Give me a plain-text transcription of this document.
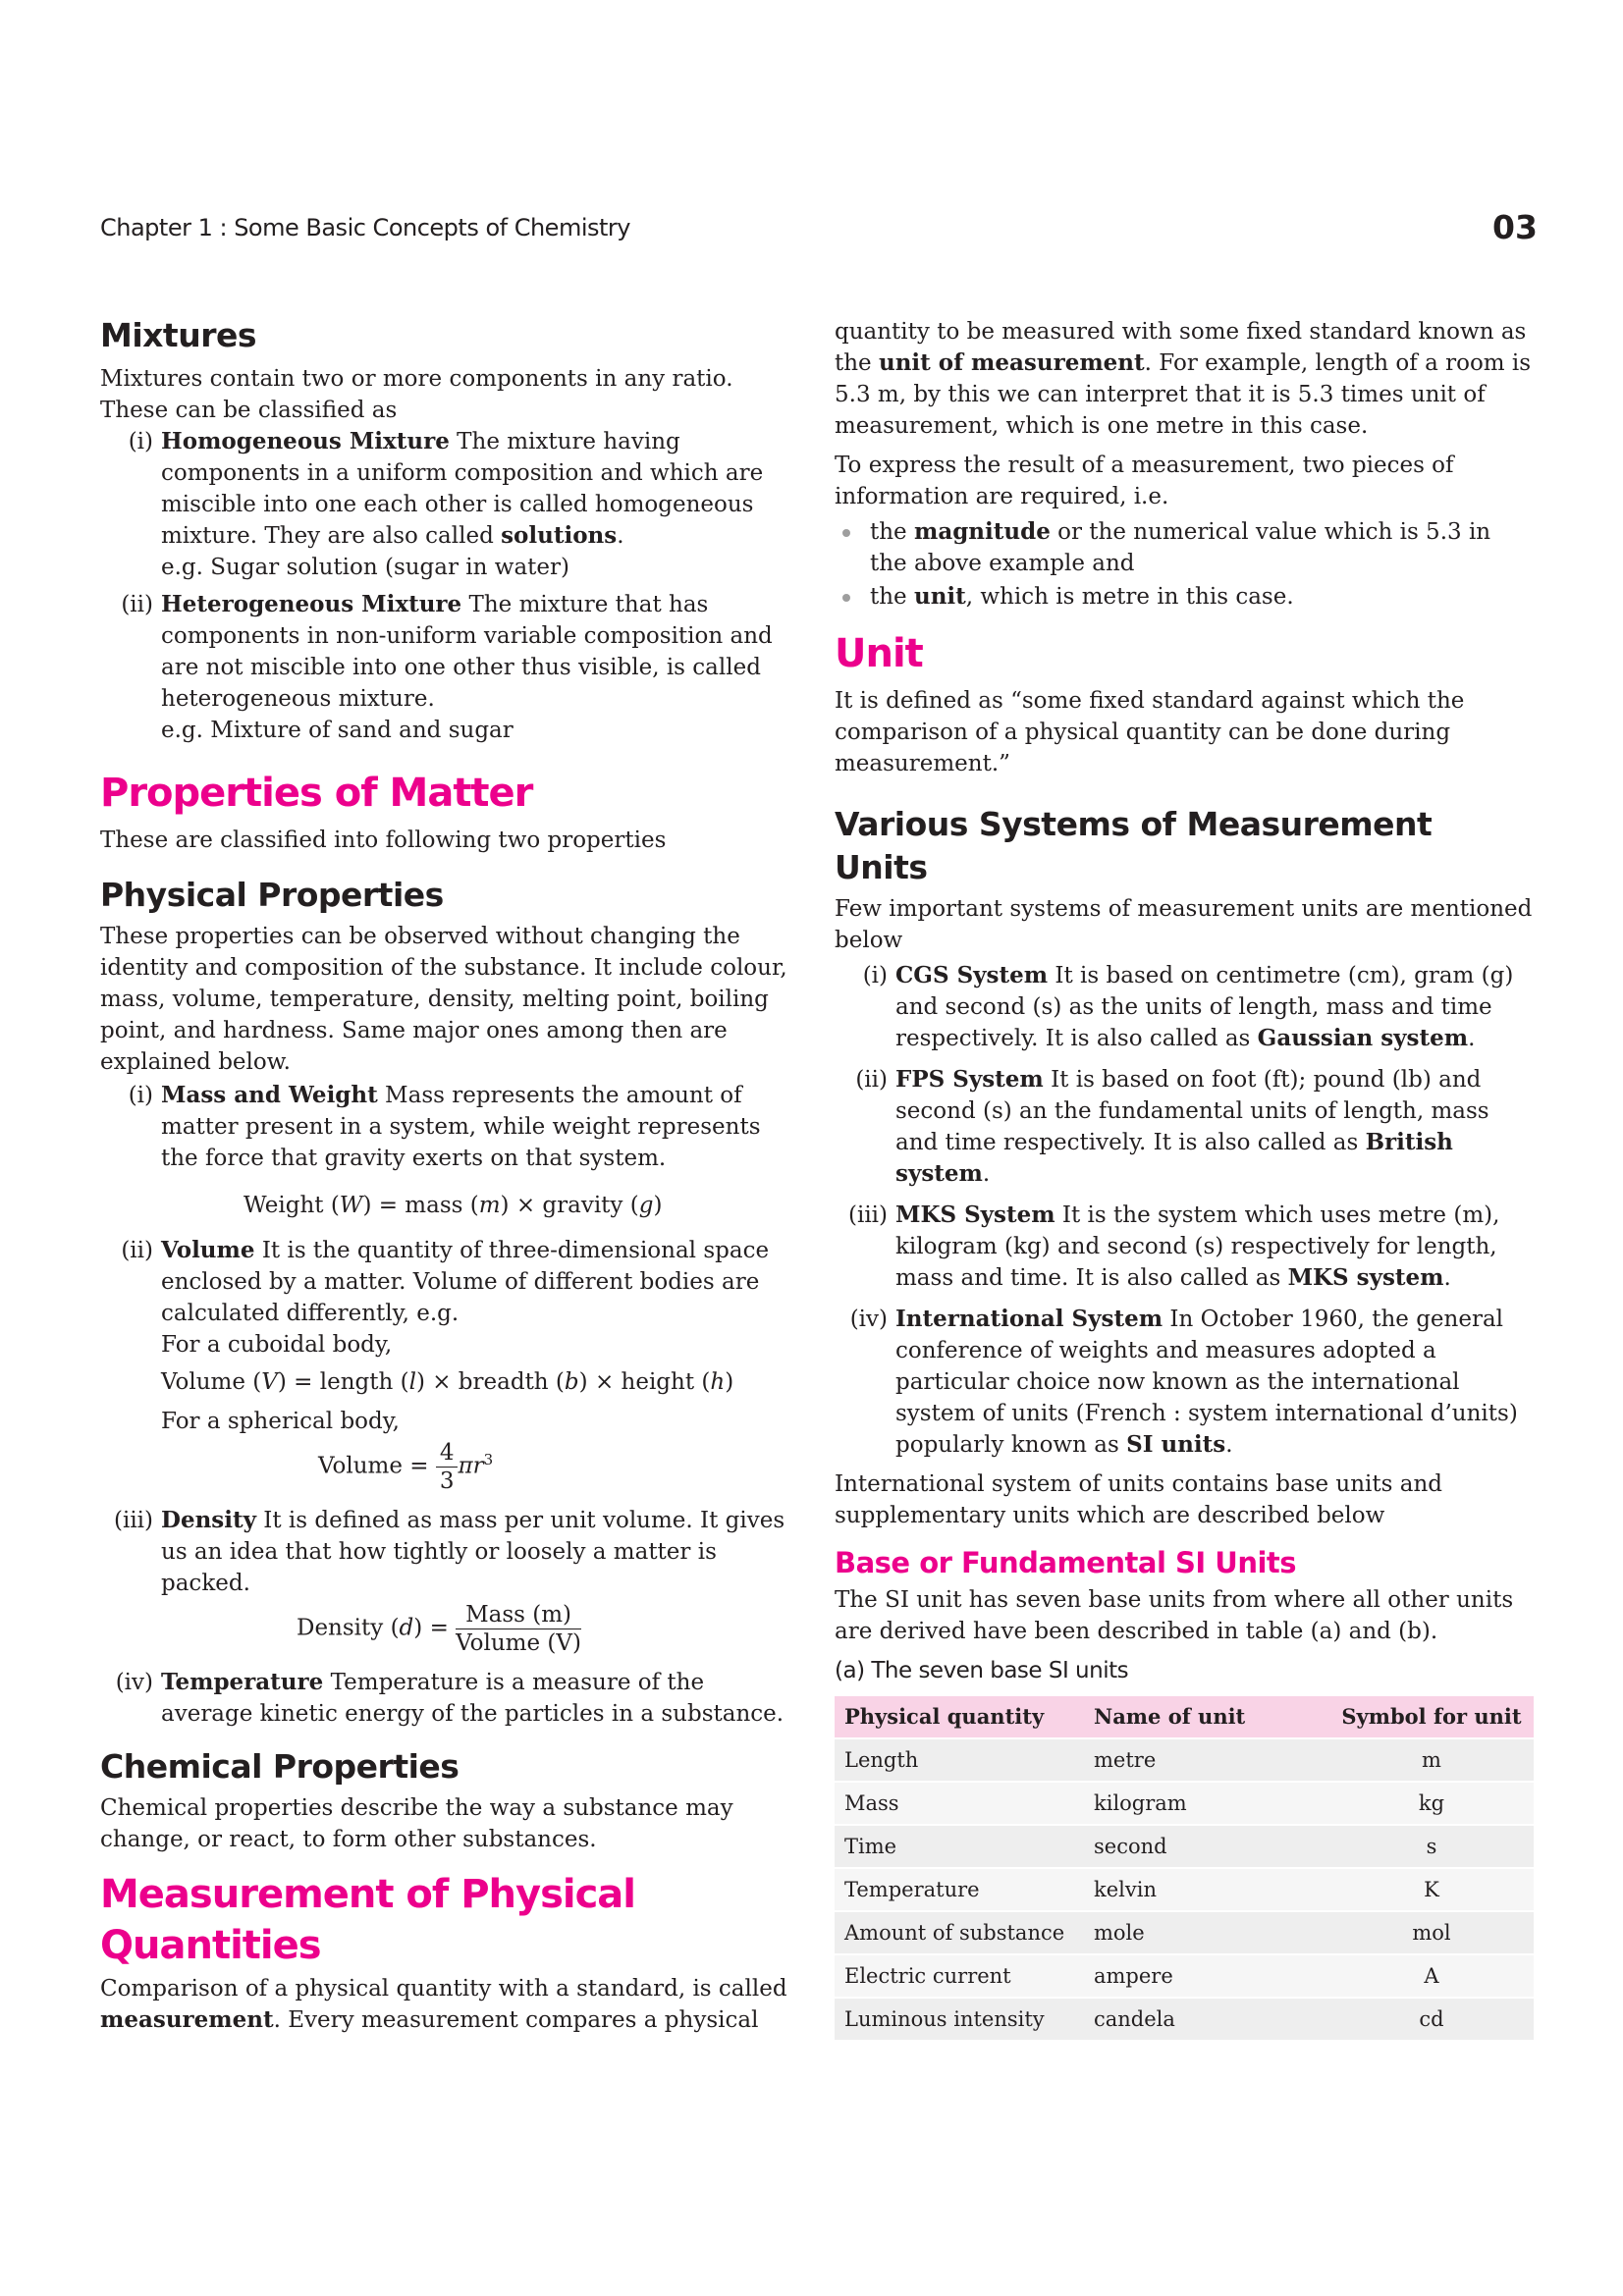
Chapter 1 : Some Basic Concepts of Chemistry	03
Mixtures

Mixtures contain two or more components in any ratio. These can be classified as

(i) Homogeneous Mixture The mixture having components in a uniform composition and which are miscible into one each other is called homogeneous mixture. They are also called solutions.
e.g. Sugar solution (sugar in water)
(ii) Heterogeneous Mixture The mixture that has components in non-uniform variable composition and are not miscible into one other thus visible, is called heterogeneous mixture.
e.g. Mixture of sand and sugar
Properties of Matter

These are classified into following two properties

Physical Properties

These properties can be observed without changing the identity and composition of the substance. It include colour, mass, volume, temperature, density, melting point, boiling point, and hardness. Same major ones among then are explained below.

(i) Mass and Weight Mass represents the amount of matter present in a system, while weight represents the force that gravity exerts on that system.
Weight (W) = mass (m) × gravity (g)
(ii) Volume It is the quantity of three-dimensional space enclosed by a matter. Volume of different bodies are calculated differently, e.g.
For a cuboidal body,
Volume (V) = length (l) × breadth (b) × height (h)
For a spherical body,
Volume = $\frac{4}{3} \pi r^3$
(iii) Density It is defined as mass per unit volume. It gives us an idea that how tightly or loosely a matter is packed.
Density $(d) = \frac{\text{Mass (m)}}{\text{Volume (V)}}$
(iv) Temperature Temperature is a measure of the average kinetic energy of the particles in a substance.
Chemical Properties

Chemical properties describe the way a substance may change, or react, to form other substances.

Measurement of Physical Quantities

Comparison of a physical quantity with a standard, is called measurement. Every measurement compares a physical

quantity to be measured with some fixed standard known as the unit of measurement. For example, length of a room is 5.3 m, by this we can interpret that it is 5.3 times unit of measurement, which is one metre in this case.

To express the result of a measurement, two pieces of information are required, i.e.

the magnitude or the numerical value which is 5.3 in the above example and
the unit, which is metre in this case.
Unit

It is defined as “some fixed standard against which the comparison of a physical quantity can be done during measurement.”

Various Systems of Measurement Units

Few important systems of measurement units are mentioned below

(i) CGS System It is based on centimetre (cm), gram (g) and second (s) as the units of length, mass and time respectively. It is also called as Gaussian system.
(ii) FPS System It is based on foot (ft); pound (lb) and second (s) an the fundamental units of length, mass and time respectively. It is also called as British system.
(iii) MKS System It is the system which uses metre (m), kilogram (kg) and second (s) respectively for length, mass and time. It is also called as MKS system.
(iv) International System In October 1960, the general conference of weights and measures adopted a particular choice now known as the international system of units (French : system international d’units) popularly known as SI units.

International system of units contains base units and supplementary units which are described below

Base or Fundamental SI Units

The SI unit has seven base units from where all other units are derived have been described in table (a) and (b).

(a) The seven base SI units
Physical quantity	Name of unit	Symbol for unit
Length	metre	m
Mass	kilogram	kg
Time	second	s
Temperature	kelvin	K
Amount of substance	mole	mol
Electric current	ampere	A
Luminous intensity	candela	cd
